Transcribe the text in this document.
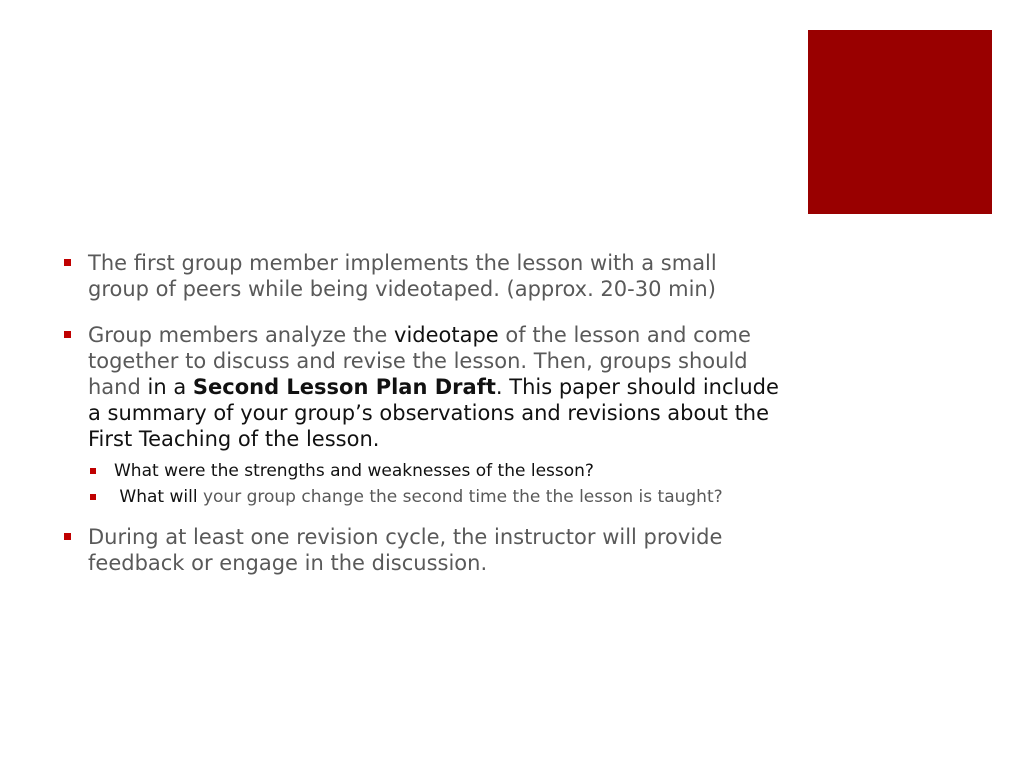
The first group member implements the lesson with a small group of peers while being videotaped. (approx. 20-30 min)
Group members analyze the videotape of the lesson and come together to discuss and revise the lesson. Then, groups should hand in a Second Lesson Plan Draft. This paper should include a summary of your group’s observations and revisions about the First Teaching of the lesson.
What were the strengths and weaknesses of the lesson?
What will your group change the second time the the lesson is taught?
During at least one revision cycle, the instructor will provide feedback or engage in the discussion.
